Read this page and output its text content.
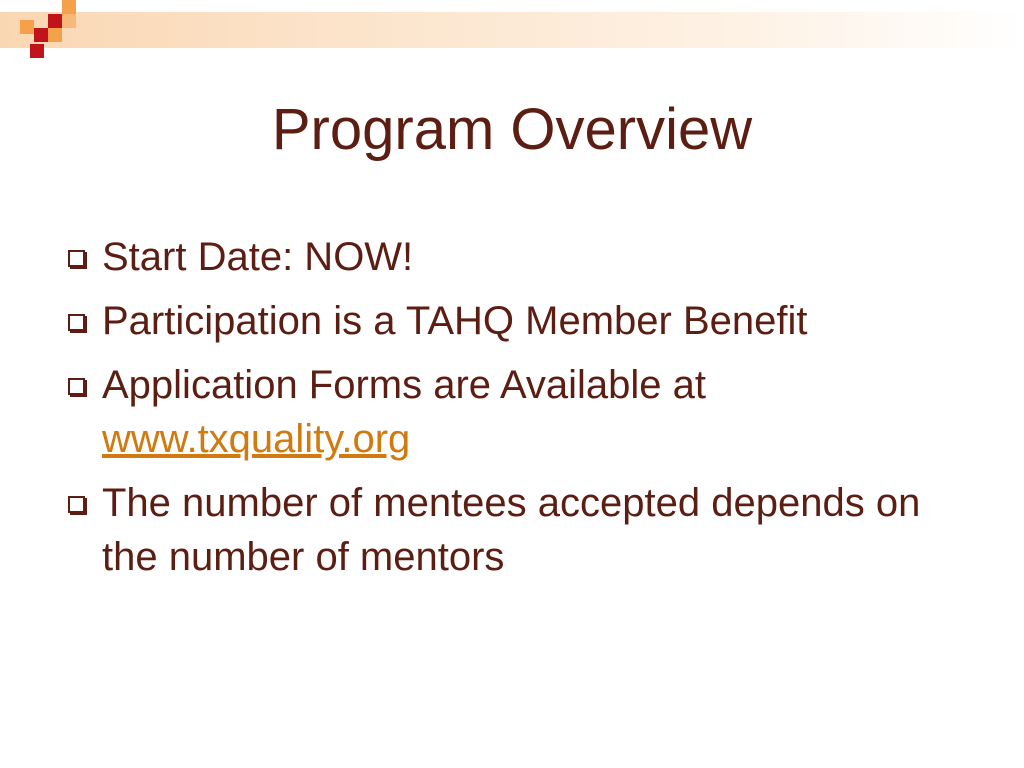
Program Overview
Start Date: NOW!
Participation is a TAHQ Member Benefit
Application Forms are Available at
www.txquality.org
The number of mentees accepted depends on the number of mentors
